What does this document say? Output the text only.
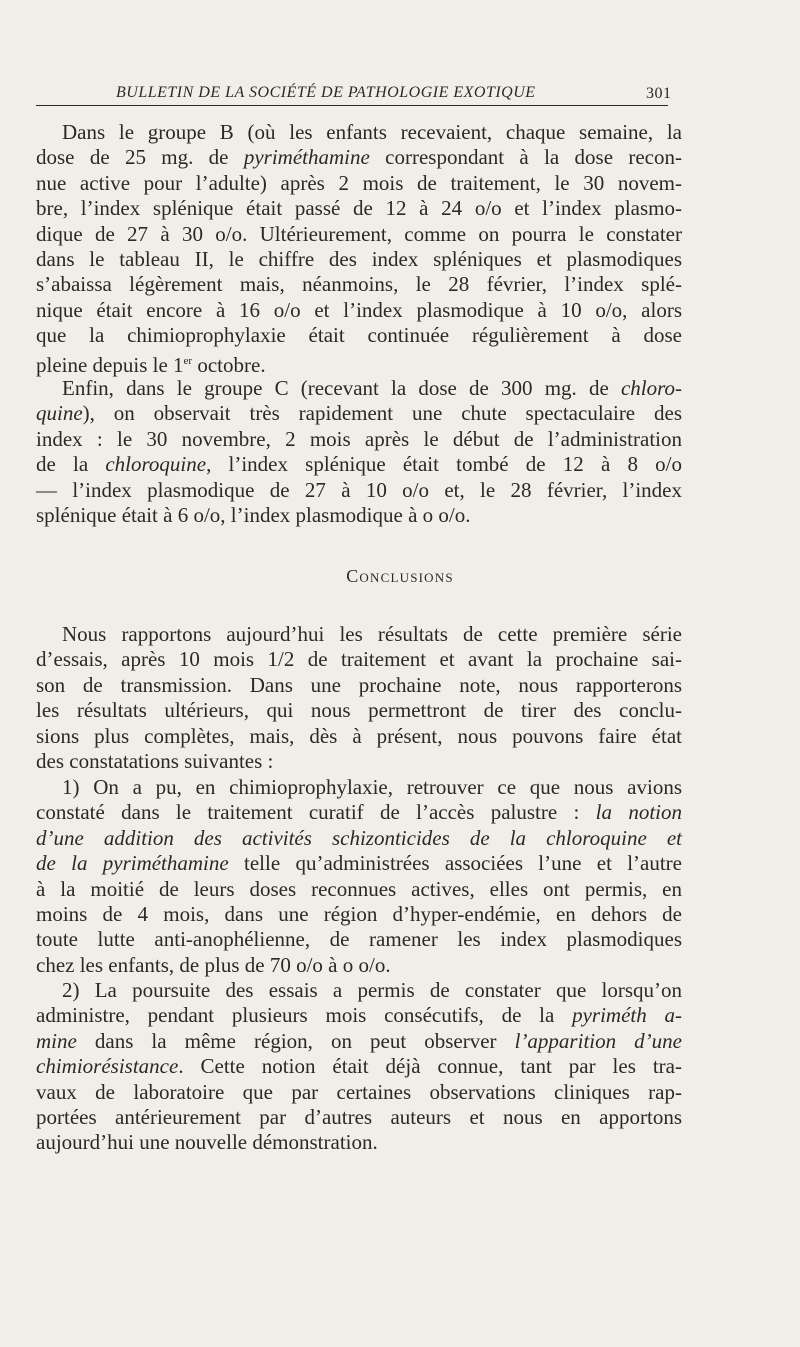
BULLETIN DE LA SOCIÉTÉ DE PATHOLOGIE EXOTIQUE	301
Dans le groupe B (où les enfants recevaient, chaque semaine, la
dose de 25 mg. de pyriméthamine correspondant à la dose recon-
nue active pour l’adulte) après 2 mois de traitement, le 30 novem-
bre, l’index splénique était passé de 12 à 24 o/o et l’index plasmo-
dique de 27 à 30 o/o. Ultérieurement, comme on pourra le constater
dans le tableau II, le chiffre des index spléniques et plasmodiques
s’abaissa légèrement mais, néanmoins, le 28 février, l’index splé-
nique était encore à 16 o/o et l’index plasmodique à 10 o/o, alors
que la chimioprophylaxie était continuée régulièrement à dose
pleine depuis le 1er octobre.
Enfin, dans le groupe C (recevant la dose de 300 mg. de chloro-
quine), on observait très rapidement une chute spectaculaire des
index : le 30 novembre, 2 mois après le début de l’administration
de la chloroquine, l’index splénique était tombé de 12 à 8 o/o
— l’index plasmodique de 27 à 10 o/o et, le 28 février, l’index
splénique était à 6 o/o, l’index plasmodique à o o/o.
Conclusions
Nous rapportons aujourd’hui les résultats de cette première série
d’essais, après 10 mois 1/2 de traitement et avant la prochaine sai-
son de transmission. Dans une prochaine note, nous rapporterons
les résultats ultérieurs, qui nous permettront de tirer des conclu-
sions plus complètes, mais, dès à présent, nous pouvons faire état
des constatations suivantes :
1) On a pu, en chimioprophylaxie, retrouver ce que nous avions
constaté dans le traitement curatif de l’accès palustre : la notion
d’une addition des activités schizonticides de la chloroquine et
de la pyriméthamine telle qu’administrées associées l’une et l’autre
à la moitié de leurs doses reconnues actives, elles ont permis, en
moins de 4 mois, dans une région d’hyper-endémie, en dehors de
toute lutte anti-anophélienne, de ramener les index plasmodiques
chez les enfants, de plus de 70 o/o à o o/o.
2) La poursuite des essais a permis de constater que lorsqu’on
administre, pendant plusieurs mois consécutifs, de la pyriméth a-
mine dans la même région, on peut observer l’apparition d’une
chimiorésistance. Cette notion était déjà connue, tant par les tra-
vaux de laboratoire que par certaines observations cliniques rap-
portées antérieurement par d’autres auteurs et nous en apportons
aujourd’hui une nouvelle démonstration.
